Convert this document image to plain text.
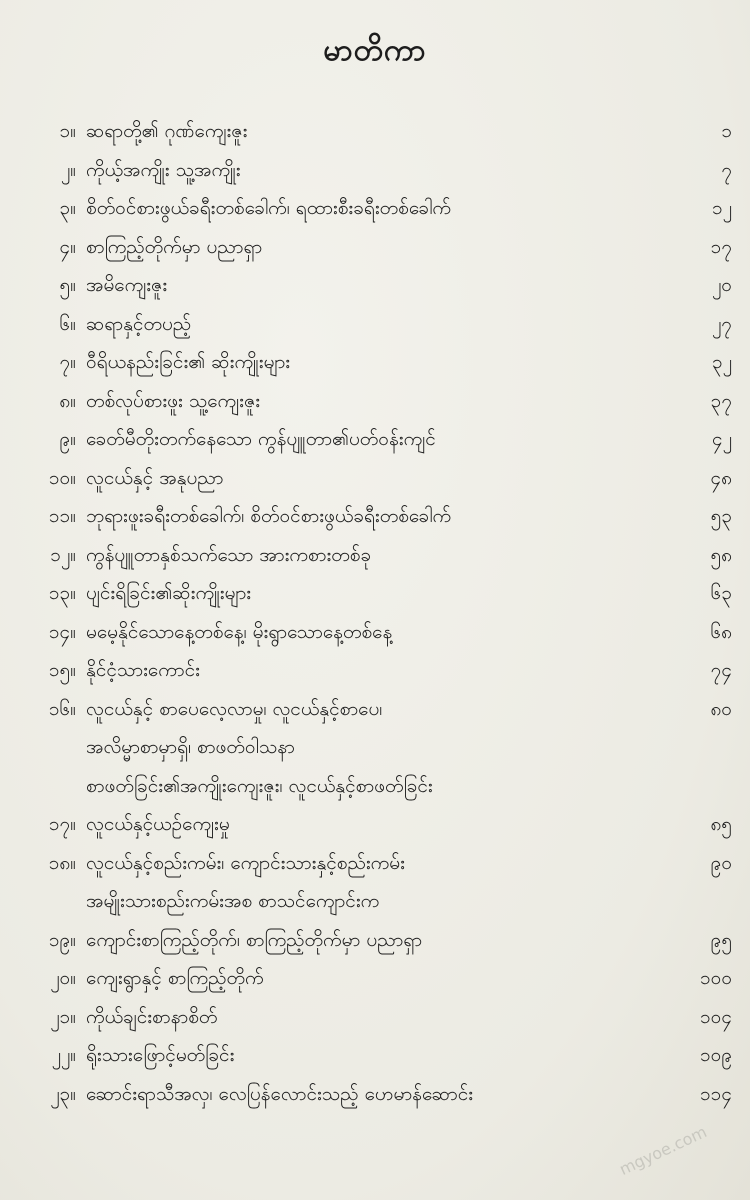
မာတိကာ
၁။ ဆရာတို့၏ ဂုဏ်ကျေးဇူး	၁
၂။ ကိုယ့်အကျိုး သူ့အကျိုး	၇
၃။ စိတ်ဝင်စားဖွယ်ခရီးတစ်ခေါက်၊ ရထားစီးခရီးတစ်ခေါက်	၁၂
၄။ စာကြည့်တိုက်မှာ ပညာရှာ	၁၇
၅။ အမိကျေးဇူး	၂၀
၆။ ဆရာနှင့်တပည့်	၂၇
၇။ ဝီရိယနည်းခြင်း၏ ဆိုးကျိုးများ	၃၂
၈။ တစ်လုပ်စားဖူး သူ့ကျေးဇူး	၃၇
၉။ ခေတ်မီတိုးတက်နေသော ကွန်ပျူတာ၏ပတ်ဝန်းကျင်	၄၂
၁၀။ လူငယ်နှင့် အနုပညာ	၄၈
၁၁။ ဘုရားဖူးခရီးတစ်ခေါက်၊ စိတ်ဝင်စားဖွယ်ခရီးတစ်ခေါက်	၅၃
၁၂။ ကွန်ပျူတာနှစ်သက်သော အားကစားတစ်ခု	၅၈
၁၃။ ပျင်းရိခြင်း၏ဆိုးကျိုးများ	၆၃
၁၄။ မမေ့နိုင်သောနေ့တစ်နေ့၊ မိုးရွာသောနေ့တစ်နေ့	၆၈
၁၅။ နိုင်ငံ့သားကောင်း	၇၄
၁၆။ လူငယ်နှင့် စာပေလေ့လာမှု၊ လူငယ်နှင့်စာပေ၊	၈၀
အလိမ္မာစာမှာရှိ၊ စာဖတ်ဝါသနာ
စာဖတ်ခြင်း၏အကျိုးကျေးဇူး၊ လူငယ်နှင့်စာဖတ်ခြင်း
၁၇။ လူငယ်နှင့်ယဉ်ကျေးမှု	၈၅
၁၈။ လူငယ်နှင့်စည်းကမ်း၊ ကျောင်းသားနှင့်စည်းကမ်း	၉၀
အမျိုးသားစည်းကမ်းအစ စာသင်ကျောင်းက
၁၉။ ကျောင်းစာကြည့်တိုက်၊ စာကြည့်တိုက်မှာ ပညာရှာ	၉၅
၂၀။ ကျေးရွာနှင့် စာကြည့်တိုက်	၁၀၀
၂၁။ ကိုယ်ချင်းစာနာစိတ်	၁၀၄
၂၂။ ရိုးသားဖြောင့်မတ်ခြင်း	၁၀၉
၂၃။ ဆောင်းရာသီအလှ၊ လေပြန်လောင်းသည့် ဟေမာန်ဆောင်း	၁၁၄
mgyoe.com
